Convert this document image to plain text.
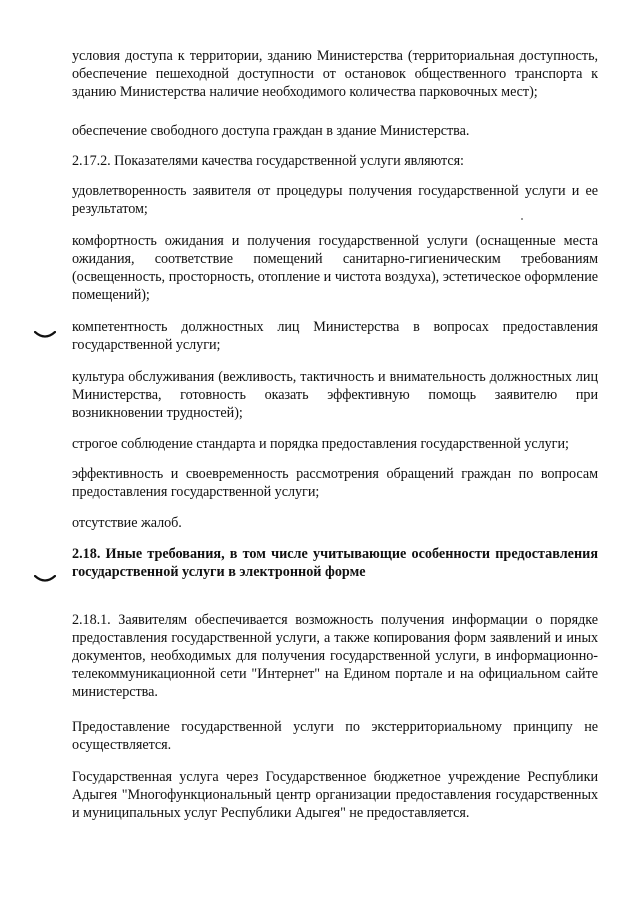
условия доступа к территории, зданию Министерства (территориальная доступность, обеспечение пешеходной доступности от остановок общественного транспорта к зданию Министерства наличие необходимого количества парковочных мест);

обеспечение свободного доступа граждан в здание Министерства.

2.17.2. Показателями качества государственной услуги являются:

удовлетворенность заявителя от процедуры получения государственной услуги и ее результатом;

комфортность ожидания и получения государственной услуги (оснащенные места ожидания, соответствие помещений санитарно-гигиеническим требованиям (освещенность, просторность, отопление и чистота воздуха), эстетическое оформление помещений);

компетентность должностных лиц Министерства в вопросах предоставления государственной услуги;

культура обслуживания (вежливость, тактичность и внимательность должностных лиц Министерства, готовность оказать эффективную помощь заявителю при возникновении трудностей);

строгое соблюдение стандарта и порядка предоставления государственной услуги;

эффективность и своевременность рассмотрения обращений граждан по вопросам предоставления государственной услуги;

отсутствие жалоб.

2.18. Иные требования, в том числе учитывающие особенности предоставления государственной услуги в электронной форме

2.18.1. Заявителям обеспечивается возможность получения информации о порядке предоставления государственной услуги, а также копирования форм заявлений и иных документов, необходимых для получения государственной услуги, в информационно-телекоммуникационной сети "Интернет" на Едином портале и на официальном сайте министерства.

Предоставление государственной услуги по экстерриториальному принципу не осуществляется.

Государственная услуга через Государственное бюджетное учреждение Республики Адыгея "Многофункциональный центр организации предоставления государственных и муниципальных услуг Республики Адыгея" не предоставляется.
